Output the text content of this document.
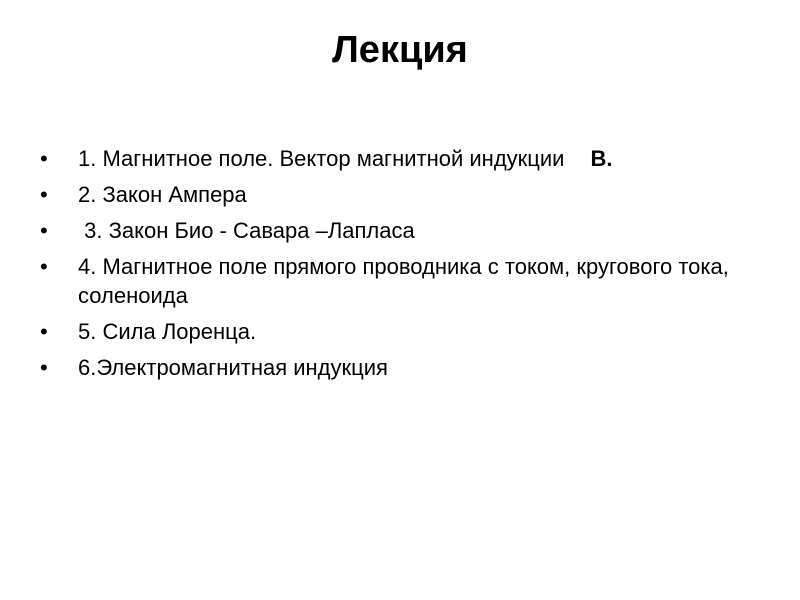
Лекция
•	1. Магнитное поле. Вектор магнитной индукции B.
•	2. Закон Ампера
•	3. Закон Био - Савара –Лапласа
•	4. Магнитное поле прямого проводника с током, кругового тока, соленоида
•	5. Сила Лоренца.
•	6.Электромагнитная индукция
